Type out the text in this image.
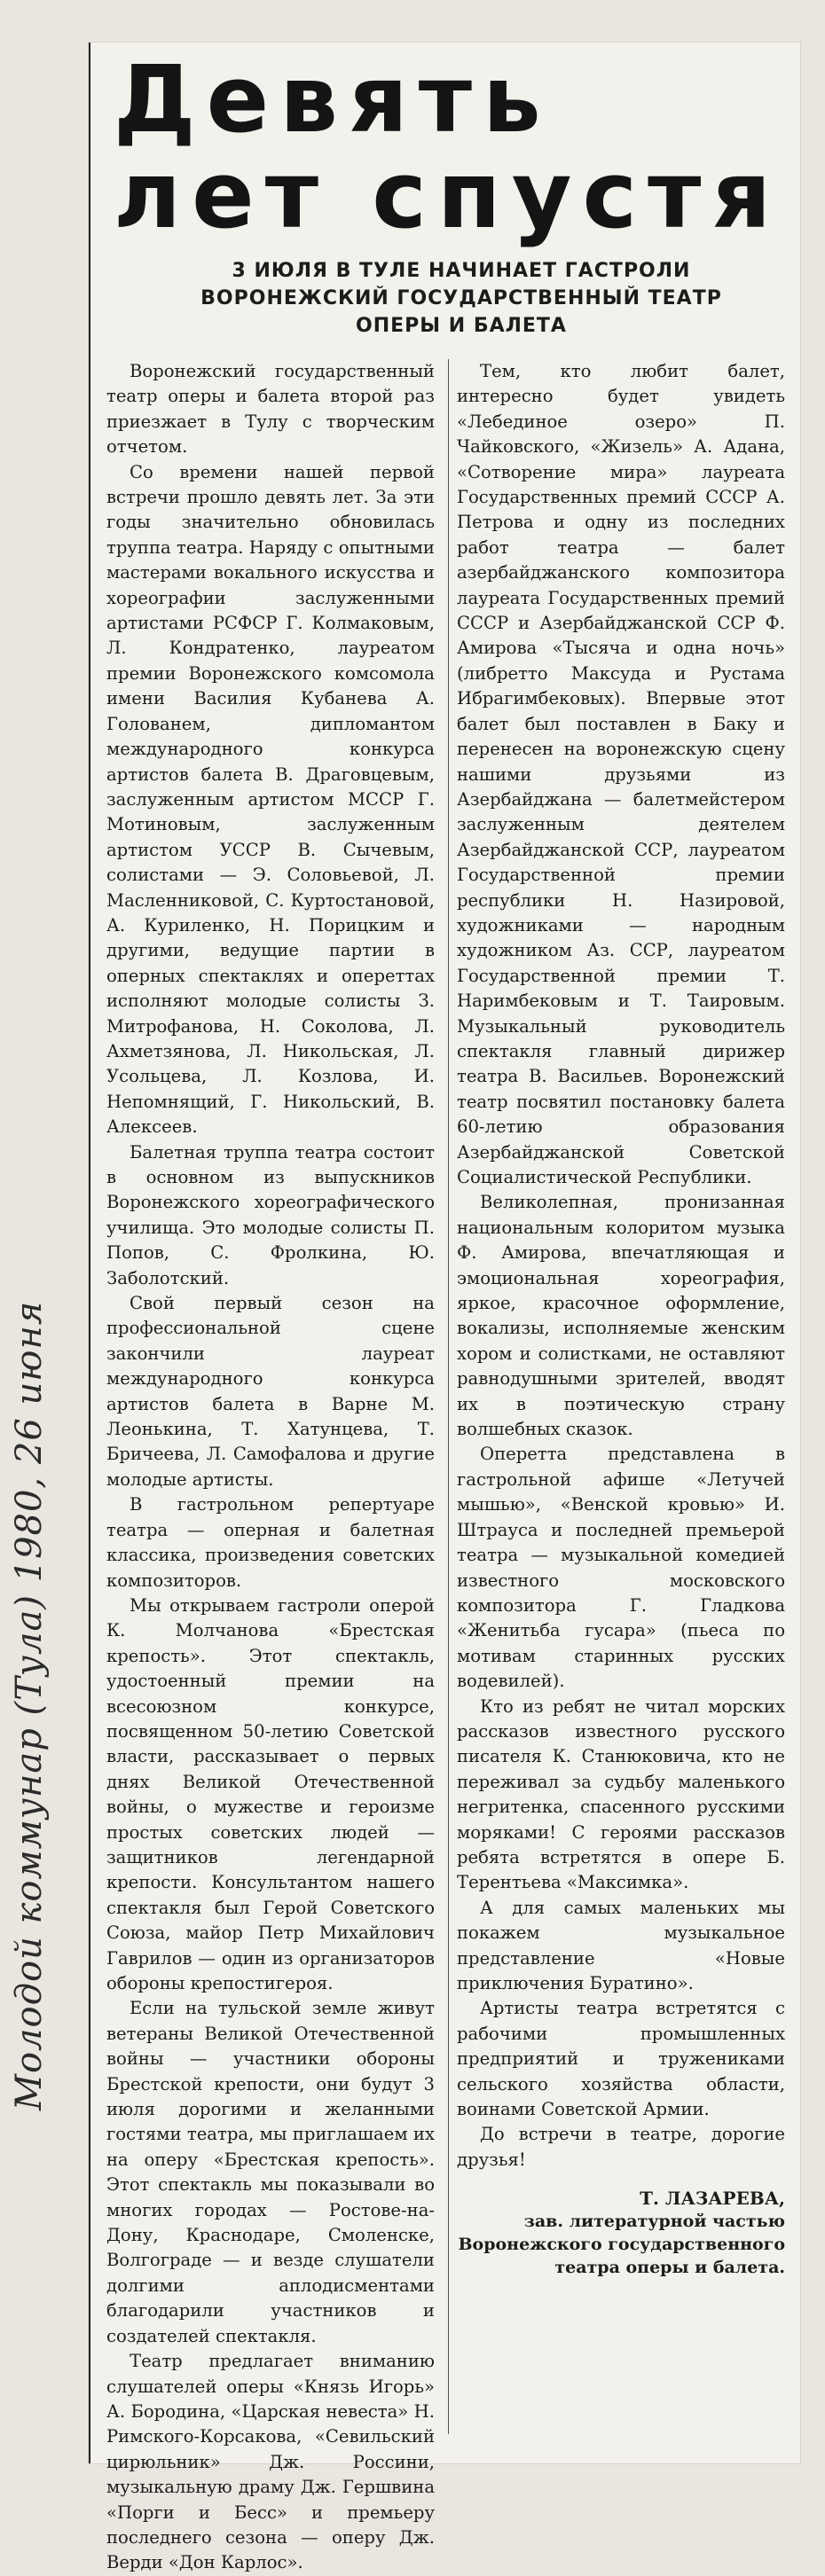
Молодой коммунар (Тула) 1980, 26 июня
Девять
лет спустя
3 ИЮЛЯ В ТУЛЕ НАЧИНАЕТ ГАСТРОЛИ
ВОРОНЕЖСКИЙ ГОСУДАРСТВЕННЫЙ ТЕАТР
ОПЕРЫ И БАЛЕТА

Воронежский государственный театр оперы и балета второй раз приезжает в Тулу с творческим отчетом.

Со времени нашей первой встречи прошло девять лет. За эти годы значительно обновилась труппа театра. Наряду с опытными мастерами вокального искусства и хореографии заслуженными артистами РСФСР Г. Колмаковым, Л. Кондратенко, лауреатом премии Воронежского комсомола имени Василия Кубанева А. Голованем, дипломантом международного конкурса артистов балета В. Драговцевым, заслуженным артистом МССР Г. Мотиновым, заслуженным артистом УССР В. Сычевым, солистами — Э. Соловьевой, Л. Масленниковой, С. Куртостановой, А. Куриленко, Н. Порицким и другими, ведущие партии в оперных спектаклях и опереттах исполняют молодые солисты З. Митрофанова, Н. Соколова, Л. Ахметзянова, Л. Никольская, Л. Усольцева, Л. Козлова, И. Непомнящий, Г. Никольский, В. Алексеев.

Балетная труппа театра состоит в основном из выпускников Воронежского хореографического училища. Это молодые солисты П. Попов, С. Фролкина, Ю. Заболотский.

Свой первый сезон на профессиональной сцене закончили лауреат международного конкурса артистов балета в Варне М. Леонькина, Т. Хатунцева, Т. Бричеева, Л. Самофалова и другие молодые артисты.

В гастрольном репертуаре театра — оперная и балетная классика, произведения советских композиторов.

Мы открываем гастроли оперой К. Молчанова «Брестская крепость». Этот спектакль, удостоенный премии на всесоюзном конкурсе, посвященном 50-летию Советской власти, рассказывает о первых днях Великой Отечественной войны, о мужестве и героизме простых советских людей — защитников легендарной крепости. Консультантом нашего спектакля был Герой Советского Союза, майор Петр Михайлович Гаврилов — один из организаторов обороны крепостигероя.

Если на тульской земле живут ветераны Великой Отечественной войны — участники обороны Брестской крепости, они будут 3 июля дорогими и желанными гостями театра, мы приглашаем их на оперу «Брестская крепость». Этот спектакль мы показывали во многих городах — Ростове-на-Дону, Краснодаре, Смоленске, Волгограде — и везде слушатели долгими аплодисментами благодарили участников и создателей спектакля.

Театр предлагает вниманию слушателей оперы «Князь Игорь» А. Бородина, «Царская невеста» Н. Римского-Корсакова, «Севильский цирюльник» Дж. Россини, музыкальную драму Дж. Гершвина «Порги и Бесс» и премьеру последнего сезона — оперу Дж. Верди «Дон Карлос».

Тем, кто любит балет, интересно будет увидеть «Лебединое озеро» П. Чайковского, «Жизель» А. Адана, «Сотворение мира» лауреата Государственных премий СССР А. Петрова и одну из последних работ театра — балет азербайджанского композитора лауреата Государственных премий СССР и Азербайджанской ССР Ф. Амирова «Тысяча и одна ночь» (либретто Максуда и Рустама Ибрагимбековых). Впервые этот балет был поставлен в Баку и перенесен на воронежскую сцену нашими друзьями из Азербайджана — балетмейстером заслуженным деятелем Азербайджанской ССР, лауреатом Государственной премии республики Н. Назировой, художниками — народным художником Аз. ССР, лауреатом Государственной премии Т. Наримбековым и Т. Таировым. Музыкальный руководитель спектакля главный дирижер театра В. Васильев. Воронежский театр посвятил постановку балета 60-летию образования Азербайджанской Советской Социалистической Республики.

Великолепная, пронизанная национальным колоритом музыка Ф. Амирова, впечатляющая и эмоциональная хореография, яркое, красочное оформление, вокализы, исполняемые женским хором и солистками, не оставляют равнодушными зрителей, вводят их в поэтическую страну волшебных сказок.

Оперетта представлена в гастрольной афише «Летучей мышью», «Венской кровью» И. Штрауса и последней премьерой театра — музыкальной комедией известного московского композитора Г. Гладкова «Женитьба гусара» (пьеса по мотивам старинных русских водевилей).

Кто из ребят не читал морских рассказов известного русского писателя К. Станюковича, кто не переживал за судьбу маленького негритенка, спасенного русскими моряками! С героями рассказов ребята встретятся в опере Б. Терентьева «Максимка».

А для самых маленьких мы покажем музыкальное представление «Новые приключения Буратино».

Артисты театра встретятся с рабочими промышленных предприятий и тружениками сельского хозяйства области, воинами Советской Армии.

До встречи в театре, дорогие друзья!

Т. ЛАЗАРЕВА,
зав. литературной частью Воронежского государственного театра оперы и балета.
